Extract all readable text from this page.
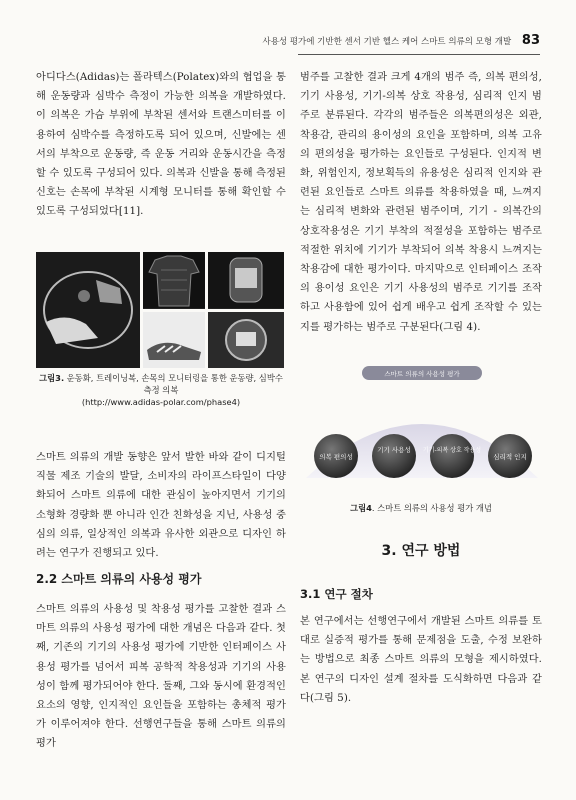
사용성 평가에 기반한 센서 기반 헬스 케어 스마트 의류의 모형 개발 83

아디다스(Adidas)는 폴라텍스(Polatex)와의 협업을 통해 운동량과 심박수 측정이 가능한 의복을 개발하였다. 이 의복은 가슴 부위에 부착된 센서와 트랜스미터를 이용하여 심박수를 측정하도록 되어 있으며, 신발에는 센서의 부착으로 운동량, 즉 운동 거리와 운동시간을 측정할 수 있도록 구성되어 있다. 의복과 신발을 통해 측정된 신호는 손목에 부착된 시계형 모니터를 통해 확인할 수 있도록 구성되었다[11].

그림3. 운동화, 트레이닝복, 손목의 모니터링을 통한 운동량, 심박수 측정 의복
(http://www.adidas-polar.com/phase4)

스마트 의류의 개발 동향은 앞서 발한 바와 같이 디지털 직물 제조 기술의 발달, 소비자의 라이프스타일이 다양화되어 스마트 의류에 대한 관심이 높아지면서 기기의 소형화 경량화 뿐 아니라 인간 친화성을 지닌, 사용성 중심의 의류, 일상적인 의복과 유사한 외관으로 디자인 하려는 연구가 진행되고 있다.

2.2 스마트 의류의 사용성 평가

스마트 의류의 사용성 및 착용성 평가를 고찰한 결과 스마트 의류의 사용성 평가에 대한 개념은 다음과 같다. 첫째, 기존의 기기의 사용성 평가에 기반한 인터페이스 사용성 평가를 넘어서 피복 공학적 착용성과 기기의 사용성이 함께 평가되어야 한다. 둘째, 그와 동시에 환경적인 요소의 영향, 인지적인 요인들을 포함하는 총체적 평가가 이루어져야 한다. 선행연구들을 통해 스마트 의류의 평가

범주를 고찰한 결과 크게 4개의 범주 즉, 의복 편의성, 기기 사용성, 기기-의복 상호 작용성, 심리적 인지 범주로 분류된다. 각각의 범주들은 의복편의성은 외관, 착용감, 관리의 용이성의 요인을 포함하며, 의복 고유의 편의성을 평가하는 요인들로 구성된다. 인지적 변화, 위험인지, 정보획득의 유용성은 심리적 인지와 관련된 요인들로 스마트 의류를 착용하였을 때, 느껴지는 심리적 변화와 관련된 범주이며, 기기 - 의복간의 상호작용성은 기기 부착의 적절성을 포함하는 범주로 적절한 위치에 기기가 부착되어 의복 착용시 느껴지는 착용감에 대한 평가이다. 마지막으로 인터페이스 조작의 용이성 요인은 기기 사용성의 범주로 기기를 조작하고 사용함에 있어 쉽게 배우고 쉽게 조작할 수 있는지를 평가하는 범주로 구분된다(그림 4).

스마트 의류의 사용성 평가
의복 편의성
기기 사용성 기기-의복 상호 작용성
심리적 인지
그림4. 스마트 의류의 사용성 평가 개념
3. 연구 방법
3.1 연구 절차

본 연구에서는 선행연구에서 개발된 스마트 의류를 토대로 실증적 평가를 통해 문제점을 도출, 수정 보완하는 방법으로 최종 스마트 의류의 모형을 제시하였다. 본 연구의 디자인 설계 절차를 도식화하면 다음과 같다(그림 5).
